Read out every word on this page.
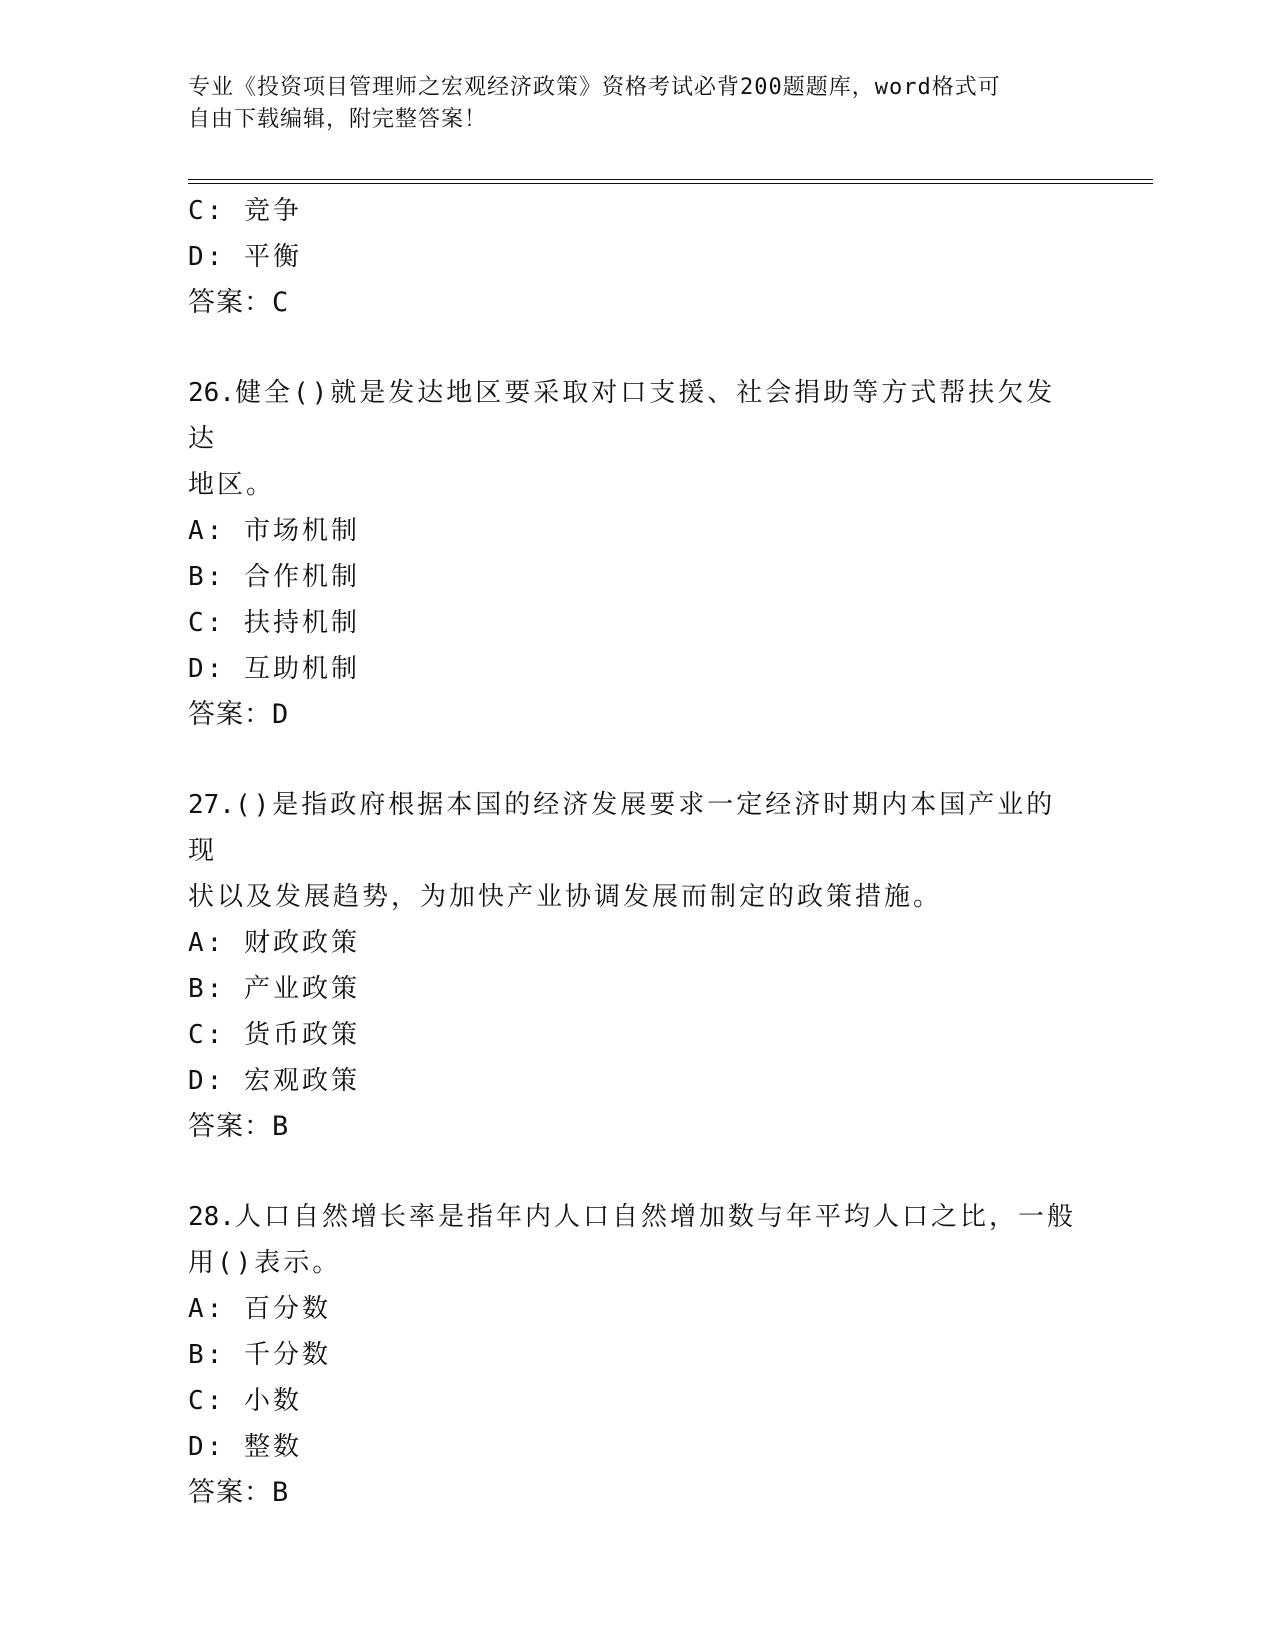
专业《投资项目管理师之宏观经济政策》资格考试必背200题题库，word格式可
自由下载编辑，附完整答案！
C: 竞争
D: 平衡
答案：C
26.健全()就是发达地区要采取对口支援、社会捐助等方式帮扶欠发达
地区。
A: 市场机制
B: 合作机制
C: 扶持机制
D: 互助机制
答案：D
27.()是指政府根据本国的经济发展要求一定经济时期内本国产业的现
状以及发展趋势，为加快产业协调发展而制定的政策措施。
A: 财政政策
B: 产业政策
C: 货币政策
D: 宏观政策
答案：B
28.人口自然增长率是指年内人口自然增加数与年平均人口之比，一般
用()表示。
A: 百分数
B: 千分数
C: 小数
D: 整数
答案：B
